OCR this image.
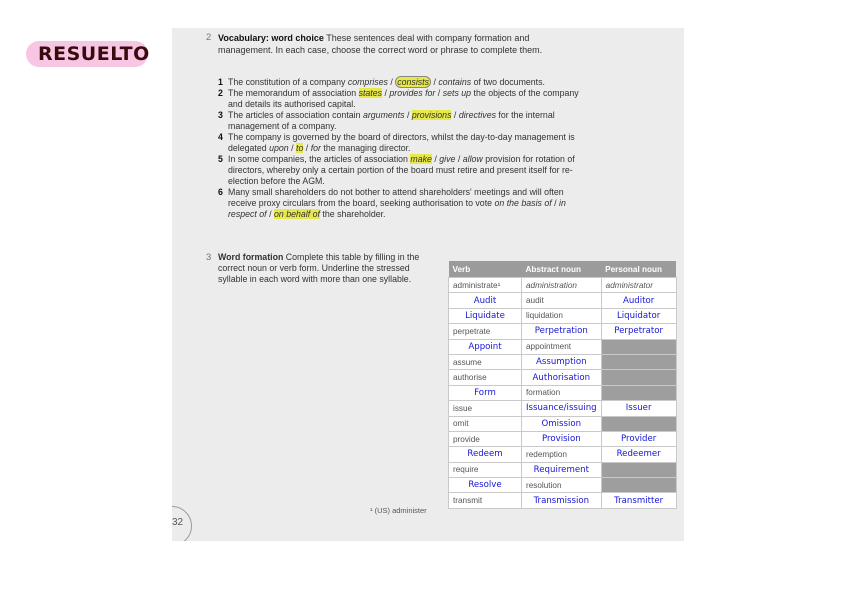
RESUELTO
32
2 Vocabulary: word choice These sentences deal with company formation and management. In each case, choose the correct word or phrase to complete them.
1 The constitution of a company comprises / consists / contains of two documents.
2 The memorandum of association states / provides for / sets up the objects of the company and details its authorised capital.
3 The articles of association contain arguments / provisions / directives for the internal management of a company.
4 The company is governed by the board of directors, whilst the day-to-day management is delegated upon / to / for the managing director.
5 In some companies, the articles of association make / give / allow provision for rotation of directors, whereby only a certain portion of the board must retire and present itself for re-election before the AGM.
6 Many small shareholders do not bother to attend shareholders' meetings and will often receive proxy circulars from the board, seeking authorisation to vote on the basis of / in respect of / on behalf of the shareholder.
3 Word formation Complete this table by filling in the correct noun or verb form. Underline the stressed syllable in each word with more than one syllable.
¹ (US) administer
Verb	Abstract noun	Personal noun
administrate¹	administration	administrator
Audit	audit	Auditor
Liquidate	liquidation	Liquidator
perpetrate	Perpetration	Perpetrator
Appoint	appointment	
assume	Assumption	
authorise	Authorisation	
Form	formation	
issue	Issuance/issuing	Issuer
omit	Omission	
provide	Provision	Provider
Redeem	redemption	Redeemer
require	Requirement	
Resolve	resolution	
transmit	Transmission	Transmitter
